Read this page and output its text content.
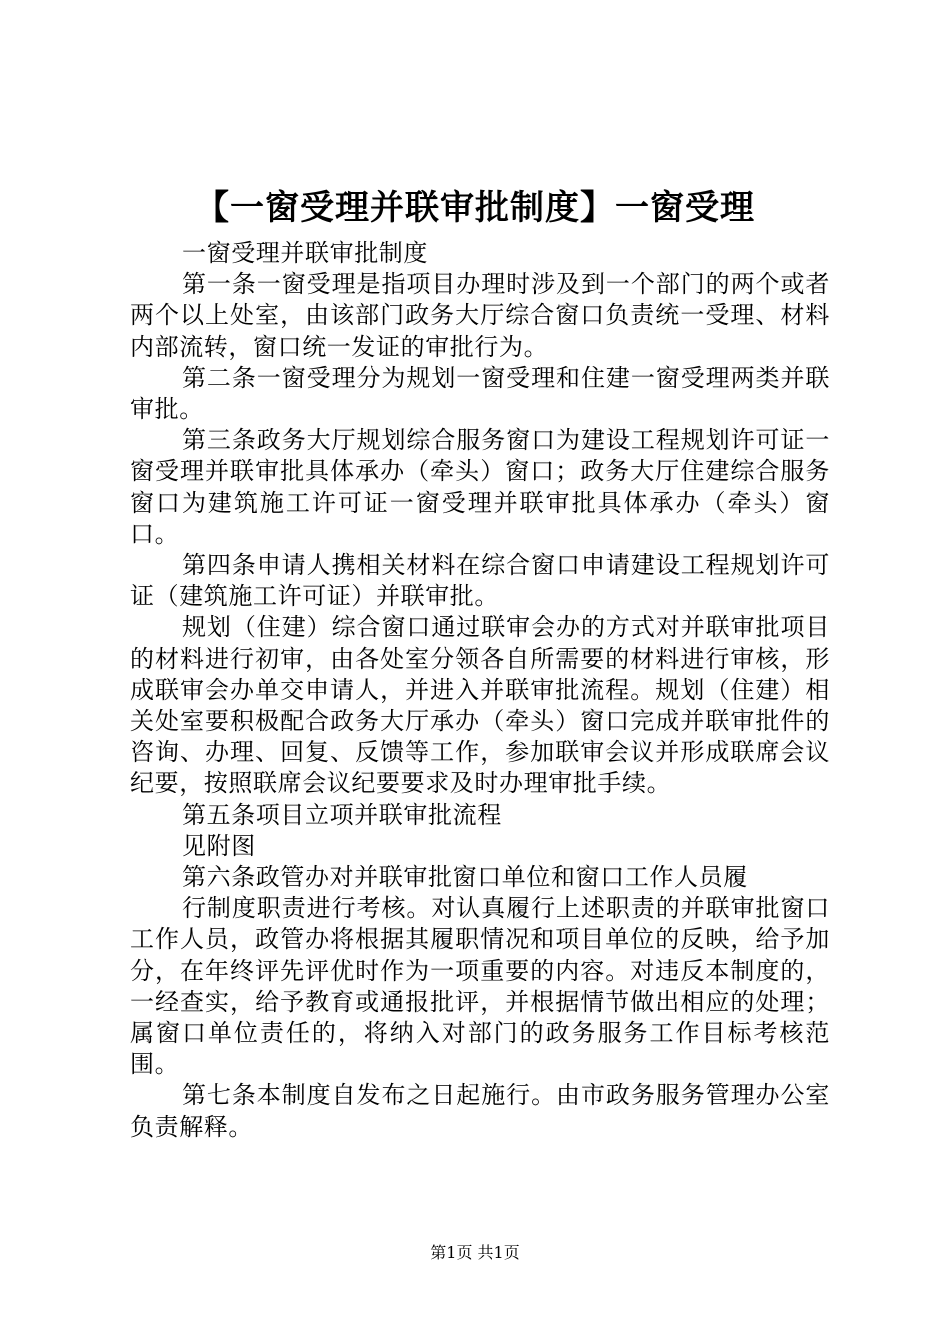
【一窗受理并联审批制度】一窗受理

一窗受理并联审批制度

第一条一窗受理是指项目办理时涉及到一个部门的两个或者两个以上处室，由该部门政务大厅综合窗口负责统一受理、材料内部流转，窗口统一发证的审批行为。

第二条一窗受理分为规划一窗受理和住建一窗受理两类并联审批。

第三条政务大厅规划综合服务窗口为建设工程规划许可证一窗受理并联审批具体承办（牵头）窗口；政务大厅住建综合服务窗口为建筑施工许可证一窗受理并联审批具体承办（牵头）窗口。

第四条申请人携相关材料在综合窗口申请建设工程规划许可证（建筑施工许可证）并联审批。

规划（住建）综合窗口通过联审会办的方式对并联审批项目的材料进行初审，由各处室分领各自所需要的材料进行审核，形成联审会办单交申请人，并进入并联审批流程。规划（住建）相关处室要积极配合政务大厅承办（牵头）窗口完成并联审批件的咨询、办理、回复、反馈等工作，参加联审会议并形成联席会议纪要，按照联席会议纪要要求及时办理审批手续。

第五条项目立项并联审批流程

见附图

第六条政管办对并联审批窗口单位和窗口工作人员履

行制度职责进行考核。对认真履行上述职责的并联审批窗口工作人员，政管办将根据其履职情况和项目单位的反映，给予加分，在年终评先评优时作为一项重要的内容。对违反本制度的，一经查实，给予教育或通报批评，并根据情节做出相应的处理；属窗口单位责任的，将纳入对部门的政务服务工作目标考核范围。

第七条本制度自发布之日起施行。由市政务服务管理办公室负责解释。

第1页 共1页
